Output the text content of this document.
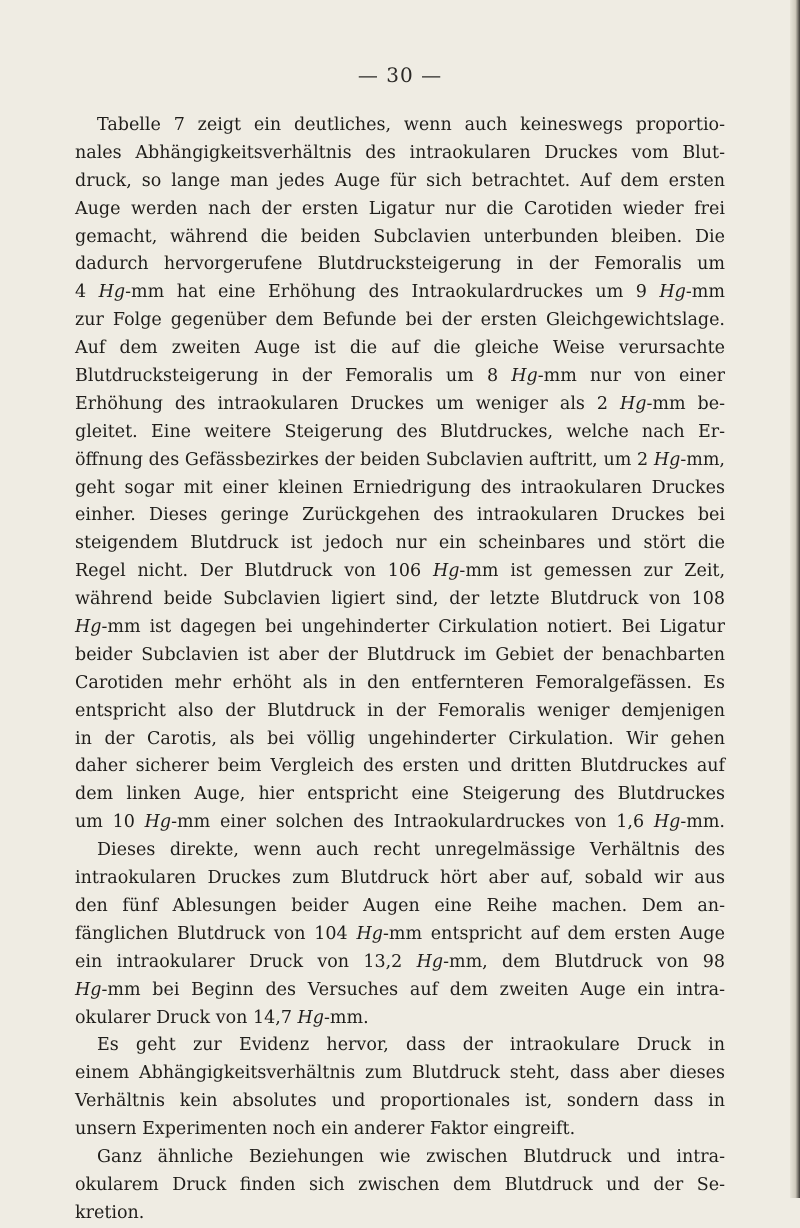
— 30 —
Tabelle 7 zeigt ein deutliches, wenn auch keineswegs proportio-
nales Abhängigkeitsverhältnis des intraokularen Druckes vom Blut-
druck, so lange man jedes Auge für sich betrachtet. Auf dem ersten
Auge werden nach der ersten Ligatur nur die Carotiden wieder frei
gemacht, während die beiden Subclavien unterbunden bleiben. Die
dadurch hervorgerufene Blutdrucksteigerung in der Femoralis um
4 Hg-mm hat eine Erhöhung des Intraokulardruckes um 9 Hg-mm
zur Folge gegenüber dem Befunde bei der ersten Gleichgewichtslage.
Auf dem zweiten Auge ist die auf die gleiche Weise verursachte
Blutdrucksteigerung in der Femoralis um 8 Hg-mm nur von einer
Erhöhung des intraokularen Druckes um weniger als 2 Hg-mm be-
gleitet. Eine weitere Steigerung des Blutdruckes, welche nach Er-
öffnung des Gefässbezirkes der beiden Subclavien auftritt, um 2 Hg-mm,
geht sogar mit einer kleinen Erniedrigung des intraokularen Druckes
einher. Dieses geringe Zurückgehen des intraokularen Druckes bei
steigendem Blutdruck ist jedoch nur ein scheinbares und stört die
Regel nicht. Der Blutdruck von 106 Hg-mm ist gemessen zur Zeit,
während beide Subclavien ligiert sind, der letzte Blutdruck von 108
Hg-mm ist dagegen bei ungehinderter Cirkulation notiert. Bei Ligatur
beider Subclavien ist aber der Blutdruck im Gebiet der benachbarten
Carotiden mehr erhöht als in den entfernteren Femoralgefässen. Es
entspricht also der Blutdruck in der Femoralis weniger demjenigen
in der Carotis, als bei völlig ungehinderter Cirkulation. Wir gehen
daher sicherer beim Vergleich des ersten und dritten Blutdruckes auf
dem linken Auge, hier entspricht eine Steigerung des Blutdruckes
um 10 Hg-mm einer solchen des Intraokulardruckes von 1,6 Hg-mm.
Dieses direkte, wenn auch recht unregelmässige Verhältnis des
intraokularen Druckes zum Blutdruck hört aber auf, sobald wir aus
den fünf Ablesungen beider Augen eine Reihe machen. Dem an-
fänglichen Blutdruck von 104 Hg-mm entspricht auf dem ersten Auge
ein intraokularer Druck von 13,2 Hg-mm, dem Blutdruck von 98
Hg-mm bei Beginn des Versuches auf dem zweiten Auge ein intra-
okularer Druck von 14,7 Hg-mm.
Es geht zur Evidenz hervor, dass der intraokulare Druck in
einem Abhängigkeitsverhältnis zum Blutdruck steht, dass aber dieses
Verhältnis kein absolutes und proportionales ist, sondern dass in
unsern Experimenten noch ein anderer Faktor eingreift.
Ganz ähnliche Beziehungen wie zwischen Blutdruck und intra-
okularem Druck finden sich zwischen dem Blutdruck und der Se-
kretion.
